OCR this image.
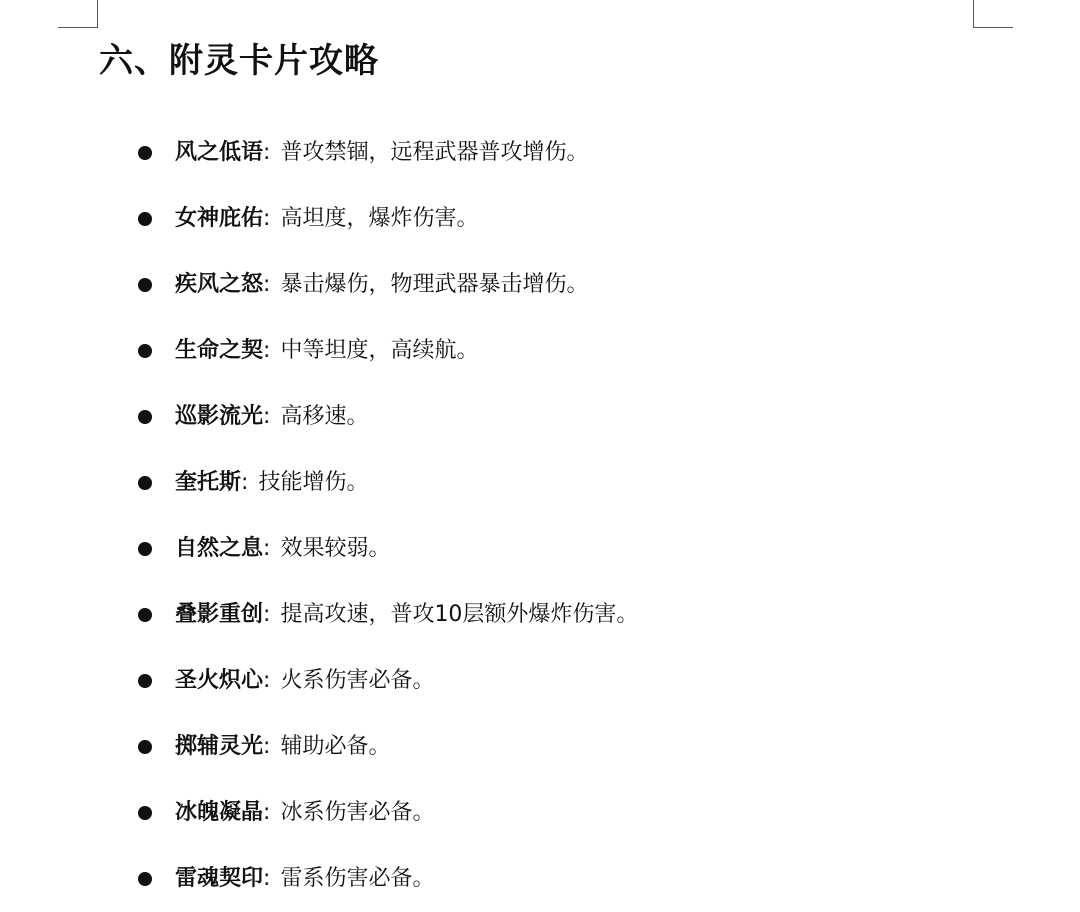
六、附灵卡片攻略
风之低语 : 普攻禁锢，远程武器普攻增伤。
女神庇佑 : 高坦度，爆炸伤害。
疾风之怒 : 暴击爆伤，物理武器暴击增伤。
生命之契 : 中等坦度，高续航。
巡影流光 : 高移速。
奎托斯 : 技能增伤。
自然之息 : 效果较弱。
叠影重创 : 提高攻速，普攻10层额外爆炸伤害。
圣火炽心 : 火系伤害必备。
掷辅灵光 : 辅助必备。
冰魄凝晶 : 冰系伤害必备。
雷魂契印 : 雷系伤害必备。
